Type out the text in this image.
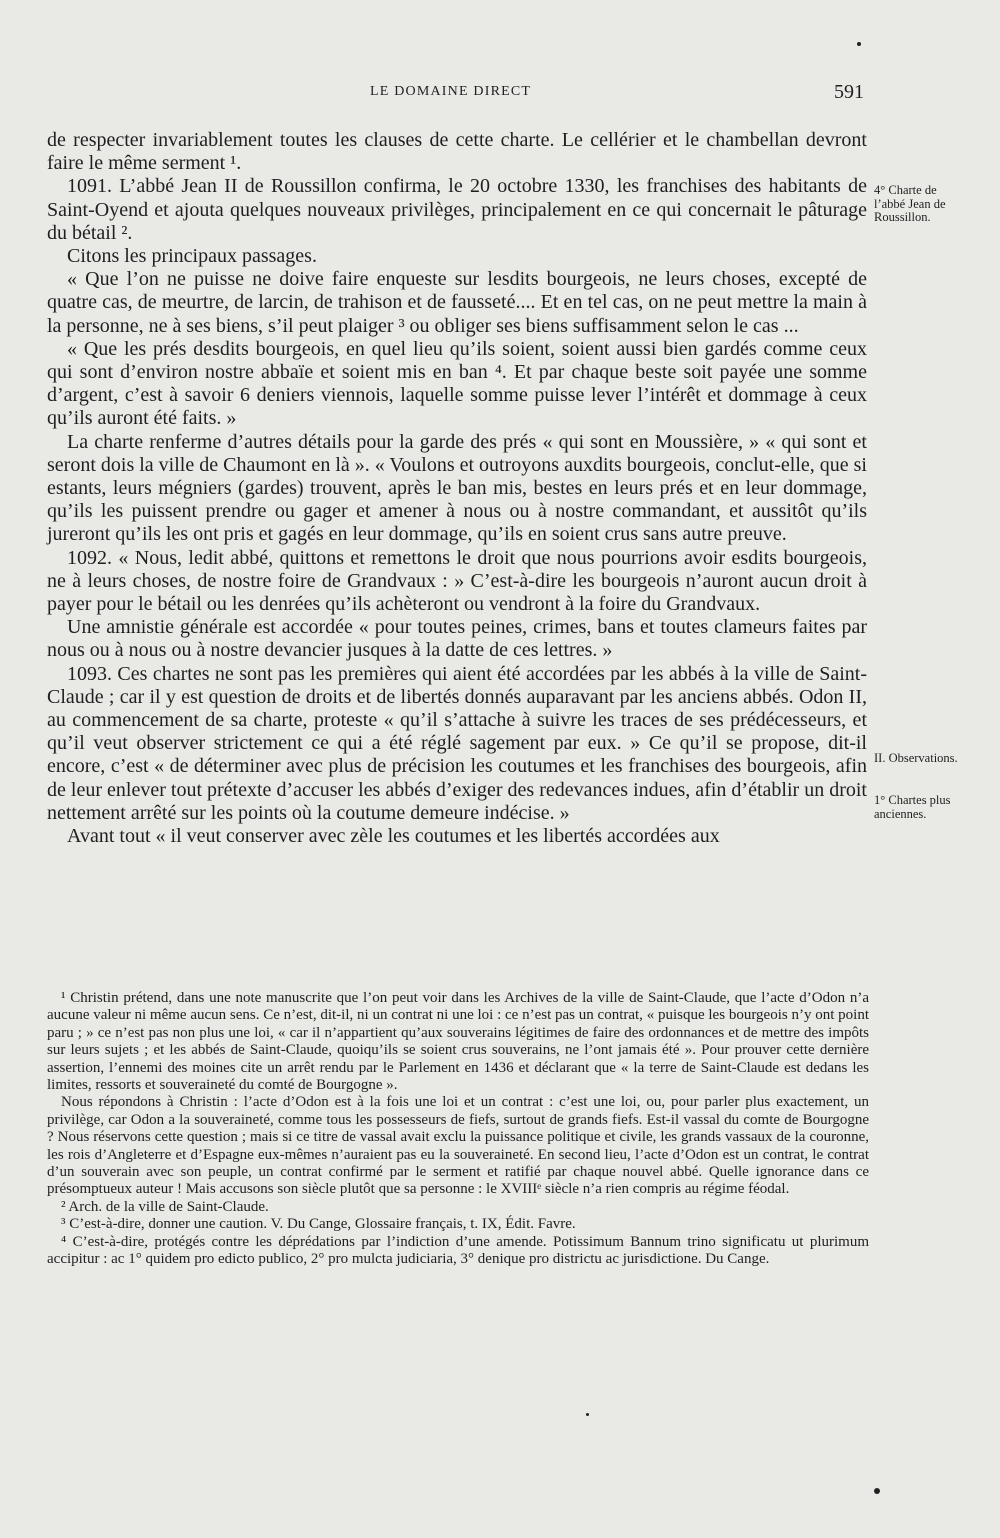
LE DOMAINE DIRECT	591

de respecter invariablement toutes les clauses de cette charte. Le cellérier et le chambellan devront faire le même serment ¹.

1091. L’abbé Jean II de Roussillon confirma, le 20 octobre 1330, les franchises des habitants de Saint-Oyend et ajouta quelques nouveaux privilèges, principalement en ce qui concernait le pâturage du bétail ².

Citons les principaux passages.

« Que l’on ne puisse ne doive faire enqueste sur lesdits bourgeois, ne leurs choses, excepté de quatre cas, de meurtre, de larcin, de trahison et de fausseté.... Et en tel cas, on ne peut mettre la main à la personne, ne à ses biens, s’il peut plaiger ³ ou obliger ses biens suffisamment selon le cas ...

« Que les prés desdits bourgeois, en quel lieu qu’ils soient, soient aussi bien gardés comme ceux qui sont d’environ nostre abbaïe et soient mis en ban ⁴. Et par chaque beste soit payée une somme d’argent, c’est à savoir 6 deniers viennois, laquelle somme puisse lever l’intérêt et dommage à ceux qu’ils auront été faits. »

La charte renferme d’autres détails pour la garde des prés « qui sont en Moussière, » « qui sont et seront dois la ville de Chaumont en là ». « Voulons et outroyons auxdits bourgeois, conclut-elle, que si estants, leurs mégniers (gardes) trouvent, après le ban mis, bestes en leurs prés et en leur dommage, qu’ils les puissent prendre ou gager et amener à nous ou à nostre commandant, et aussitôt qu’ils jureront qu’ils les ont pris et gagés en leur dommage, qu’ils en soient crus sans autre preuve.

1092. « Nous, ledit abbé, quittons et remettons le droit que nous pourrions avoir esdits bourgeois, ne à leurs choses, de nostre foire de Grandvaux : » C’est-à-dire les bourgeois n’auront aucun droit à payer pour le bétail ou les denrées qu’ils achèteront ou vendront à la foire du Grandvaux.

Une amnistie générale est accordée « pour toutes peines, crimes, bans et toutes clameurs faites par nous ou à nous ou à nostre devancier jusques à la datte de ces lettres. »

1093. Ces chartes ne sont pas les premières qui aient été accordées par les abbés à la ville de Saint-Claude ; car il y est question de droits et de libertés donnés auparavant par les anciens abbés. Odon II, au commencement de sa charte, proteste « qu’il s’attache à suivre les traces de ses prédécesseurs, et qu’il veut observer strictement ce qui a été réglé sagement par eux. » Ce qu’il se propose, dit-il encore, c’est « de déterminer avec plus de précision les coutumes et les franchises des bourgeois, afin de leur enlever tout prétexte d’accuser les abbés d’exiger des redevances indues, afin d’établir un droit nettement arrêté sur les points où la coutume demeure indécise. »

Avant tout « il veut conserver avec zèle les coutumes et les libertés accordées aux

4° Charte de l’abbé Jean de Roussillon.
II. Observations.
1° Chartes plus anciennes.

¹ Christin prétend, dans une note manuscrite que l’on peut voir dans les Archives de la ville de Saint-Claude, que l’acte d’Odon n’a aucune valeur ni même aucun sens. Ce n’est, dit-il, ni un contrat ni une loi : ce n’est pas un contrat, « puisque les bourgeois n’y ont point paru ; » ce n’est pas non plus une loi, « car il n’appartient qu’aux souverains légitimes de faire des ordonnances et de mettre des impôts sur leurs sujets ; et les abbés de Saint-Claude, quoiqu’ils se soient crus souverains, ne l’ont jamais été ». Pour prouver cette dernière assertion, l’ennemi des moines cite un arrêt rendu par le Parlement en 1436 et déclarant que « la terre de Saint-Claude est dedans les limites, ressorts et souveraineté du comté de Bourgogne ».

Nous répondons à Christin : l’acte d’Odon est à la fois une loi et un contrat : c’est une loi, ou, pour parler plus exactement, un privilège, car Odon a la souveraineté, comme tous les possesseurs de fiefs, surtout de grands fiefs. Est-il vassal du comte de Bourgogne ? Nous réservons cette question ; mais si ce titre de vassal avait exclu la puissance politique et civile, les grands vassaux de la couronne, les rois d’Angleterre et d’Espagne eux-mêmes n’auraient pas eu la souveraineté. En second lieu, l’acte d’Odon est un contrat, le contrat d’un souverain avec son peuple, un contrat confirmé par le serment et ratifié par chaque nouvel abbé. Quelle ignorance dans ce présomptueux auteur ! Mais accusons son siècle plutôt que sa personne : le XVIIIᵉ siècle n’a rien compris au régime féodal.

² Arch. de la ville de Saint-Claude.

³ C’est-à-dire, donner une caution. V. Du Cange, Glossaire français, t. IX, Édit. Favre.

⁴ C’est-à-dire, protégés contre les déprédations par l’indiction d’une amende. Potissimum Bannum trino significatu ut plurimum accipitur : ac 1° quidem pro edicto publico, 2° pro mulcta judiciaria, 3° denique pro districtu ac jurisdictione. Du Cange.
